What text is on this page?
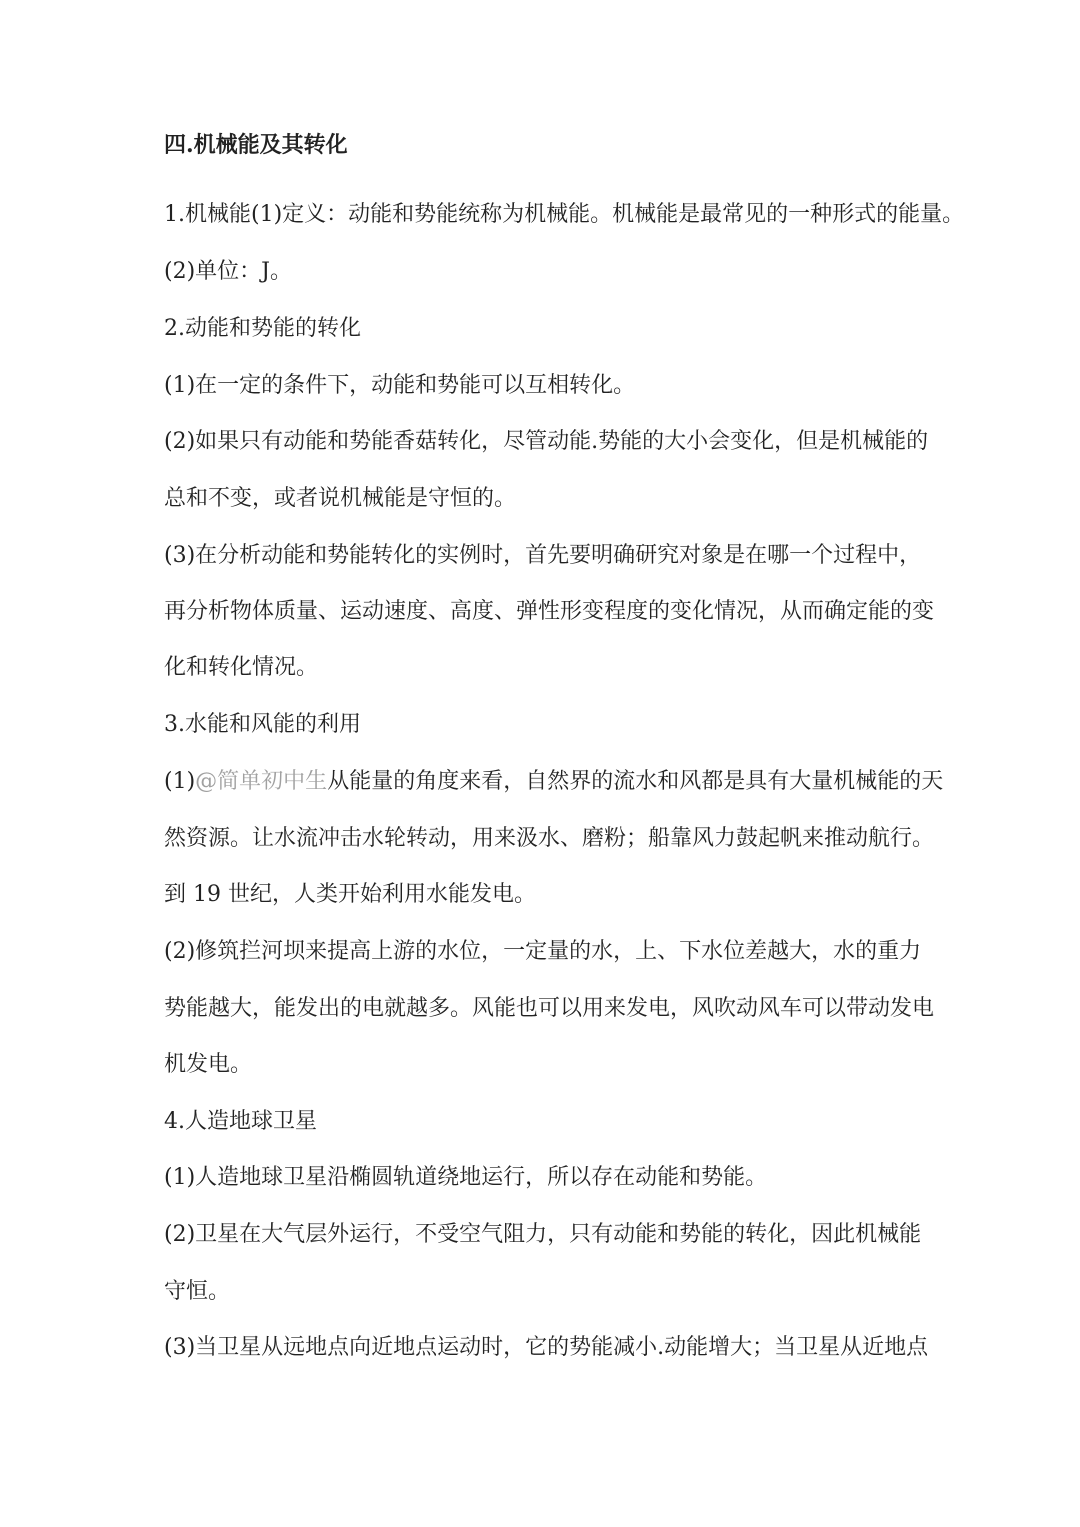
四.机械能及其转化
1.机械能(1)定义：动能和势能统称为机械能。机械能是最常见的一种形式的能量。
(2)单位：J。
2.动能和势能的转化
(1)在一定的条件下，动能和势能可以互相转化。
(2)如果只有动能和势能香菇转化，尽管动能.势能的大小会变化，但是机械能的
总和不变，或者说机械能是守恒的。
(3)在分析动能和势能转化的实例时，首先要明确研究对象是在哪一个过程中，
再分析物体质量、运动速度、高度、弹性形变程度的变化情况，从而确定能的变
化和转化情况。
3.水能和风能的利用
(1)@简单初中生从能量的角度来看，自然界的流水和风都是具有大量机械能的天
然资源。让水流冲击水轮转动，用来汲水、磨粉；船靠风力鼓起帆来推动航行。
到 19 世纪，人类开始利用水能发电。
(2)修筑拦河坝来提高上游的水位，一定量的水，上、下水位差越大，水的重力
势能越大，能发出的电就越多。风能也可以用来发电，风吹动风车可以带动发电
机发电。
4.人造地球卫星
(1)人造地球卫星沿椭圆轨道绕地运行，所以存在动能和势能。
(2)卫星在大气层外运行，不受空气阻力，只有动能和势能的转化，因此机械能
守恒。
(3)当卫星从远地点向近地点运动时，它的势能减小.动能增大；当卫星从近地点
